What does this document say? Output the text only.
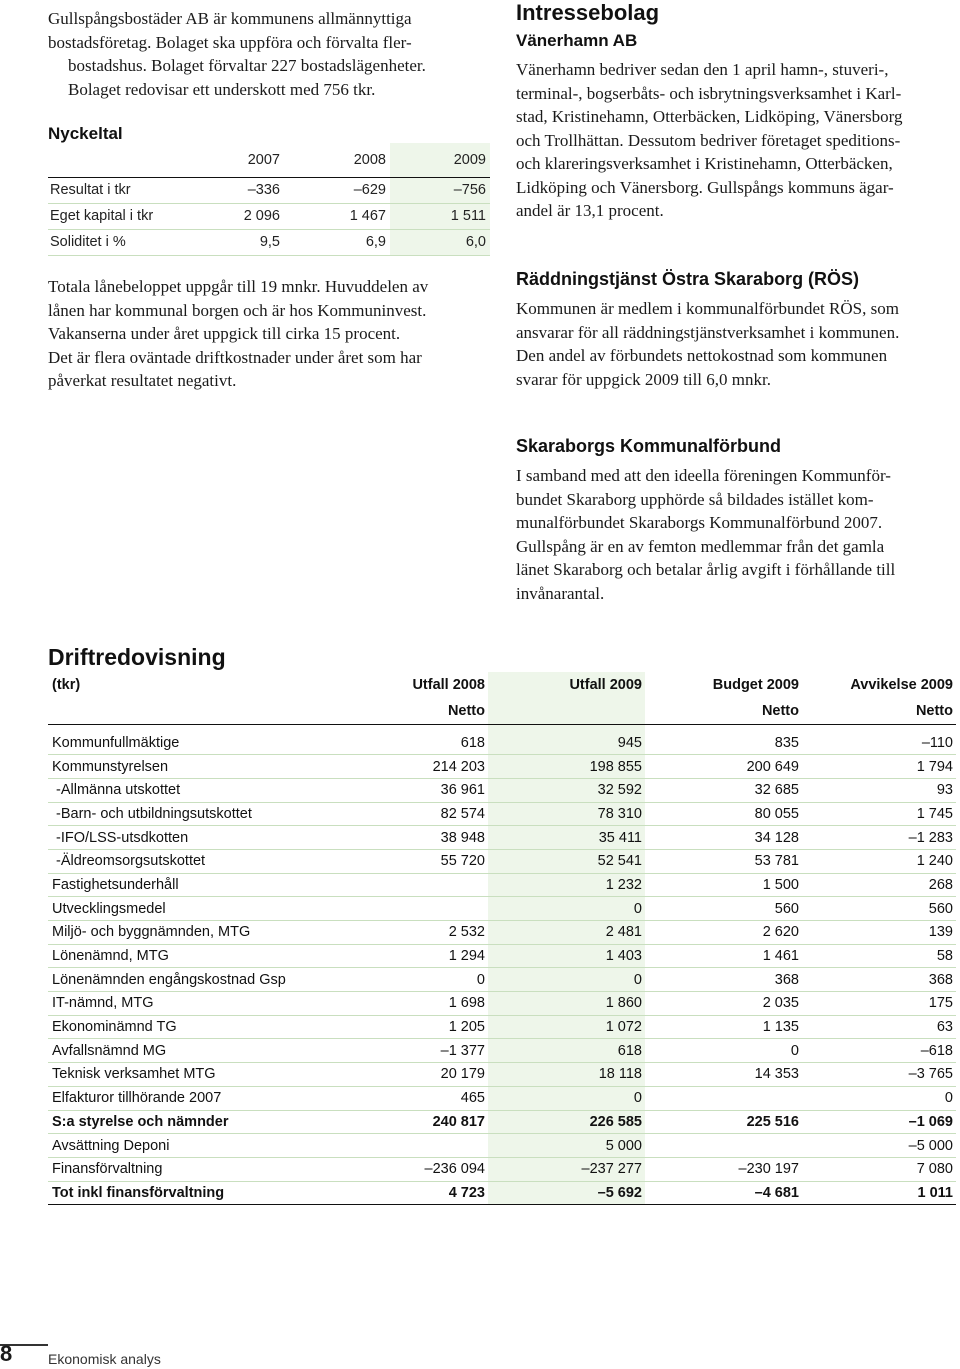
Gullspångsbostäder AB är kommunens allmännyttiga
bostadsföretag. Bolaget ska uppföra och förvalta fler-
bostadshus. Bolaget förvaltar 227 bostadslägenheter.
Bolaget redovisar ett underskott med 756 tkr.
Nyckeltal
	2007	2008	2009
Resultat i tkr	–336	–629	–756
Eget kapital i tkr	2 096	1 467	1 511
Soliditet i %	9,5	6,9	6,0
Totala lånebeloppet uppgår till 19 mnkr. Huvuddelen av
lånen har kommunal borgen och är hos Kommuninvest.
Vakanserna under året uppgick till cirka 15 procent.
Det är flera oväntade driftkostnader under året som har
påverkat resultatet negativt.
Intressebolag
Vänerhamn AB
Vänerhamn bedriver sedan den 1 april hamn-, stuveri-,
terminal-, bogserbåts- och isbrytningsverksamhet i Karl-
stad, Kristinehamn, Otterbäcken, Lidköping, Vänersborg
och Trollhättan. Dessutom bedriver företaget speditions-
och klareringsverksamhet i Kristinehamn, Otterbäcken,
Lidköping och Vänersborg. Gullspångs kommuns ägar-
andel är 13,1 procent.
Räddningstjänst Östra Skaraborg (RÖS)
Kommunen är medlem i kommunalförbundet RÖS, som
ansvarar för all räddningstjänstverksamhet i kommunen.
Den andel av förbundets nettokostnad som kommunen
svarar för uppgick 2009 till 6,0 mnkr.
Skaraborgs Kommunalförbund
I samband med att den ideella föreningen Kommunför-
bundet Skaraborg upphörde så bildades istället kom-
munalförbundet Skaraborgs Kommunalförbund 2007.
Gullspång är en av femton medlemmar från det gamla
länet Skaraborg och betalar årlig avgift i förhållande till
invånarantal.
Driftredovisning
(tkr)	Utfall 2008	Utfall 2009	Budget 2009	Avvikelse 2009
	Netto		Netto	Netto

Kommunfullmäktige	618	945	835	–110
Kommunstyrelsen	214 203	198 855	200 649	1 794
-Allmänna utskottet	36 961	32 592	32 685	93
-Barn- och utbildningsutskottet	82 574	78 310	80 055	1 745
-IFO/LSS-utsdkotten	38 948	35 411	34 128	–1 283
-Äldreomsorgsutskottet	55 720	52 541	53 781	1 240
Fastighetsunderhåll		1 232	1 500	268
Utvecklingsmedel		0	560	560
Miljö- och byggnämnden, MTG	2 532	2 481	2 620	139
Lönenämnd, MTG	1 294	1 403	1 461	58
Lönenämnden engångskostnad Gsp	0	0	368	368
IT-nämnd, MTG	1 698	1 860	2 035	175
Ekonominämnd TG	1 205	1 072	1 135	63
Avfallsnämnd MG	–1 377	618	0	–618
Teknisk verksamhet MTG	20 179	18 118	14 353	–3 765
Elfakturor tillhörande 2007	465	0		0
S:a styrelse och nämnder	240 817	226 585	225 516	–1 069
Avsättning Deponi		5 000		–5 000
Finansförvaltning	–236 094	–237 277	–230 197	7 080
Tot inkl finansförvaltning	4 723	–5 692	–4 681	1 011
8	Ekonomisk analys
